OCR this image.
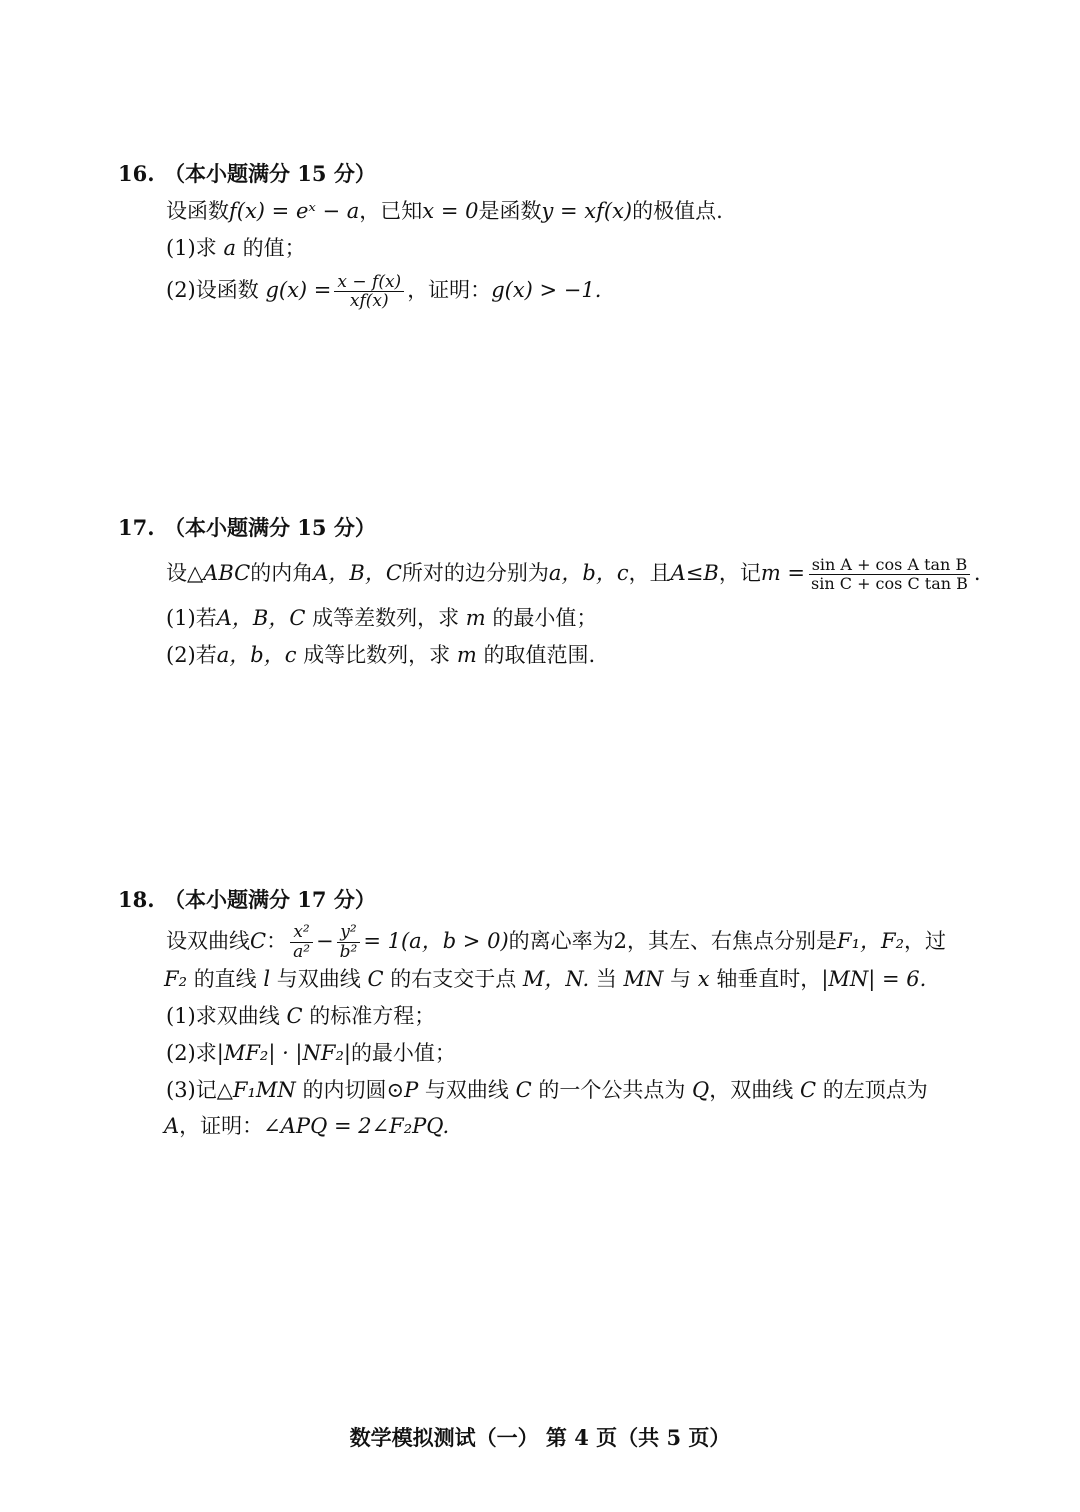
16. （本小题满分 15 分）
设函数f(x) = eˣ − a，已知x = 0是函数y = xf(x)的极值点.
(1)求 a 的值；
(2)设函数 $g(x) = \frac{x - f(x)}{xf(x)}$ ，证明：g(x) > −1.
17. （本小题满分 15 分）
设△ABC的内角A，B，C所对的边分别为a，b，c，且A≤B，记$m = \frac{\text{sin A + cos A tan B}}{\text{sin C + cos C tan B}}$ .
(1)若A，B，C 成等差数列，求 m 的最小值；
(2)若a，b，c 成等比数列，求 m 的取值范围.
18. （本小题满分 17 分）
设双曲线C： $\frac{\text{x²}}{\text{a²}} - \frac{\text{y²}}{\text{b²}} = 1(a$，b > 0)的离心率为2，其左、右焦点分别是F₁，F₂，过
F₂ 的直线 l 与双曲线 C 的右支交于点 M，N. 当 MN 与 x 轴垂直时，|MN| = 6.
(1)求双曲线 C 的标准方程；
(2)求|MF₂| · |NF₂|的最小值；
(3)记△F₁MN 的内切圆⊙P 与双曲线 C 的一个公共点为 Q，双曲线 C 的左顶点为
A，证明：∠APQ = 2∠F₂PQ.
数学模拟测试（一） 第 4 页（共 5 页）
